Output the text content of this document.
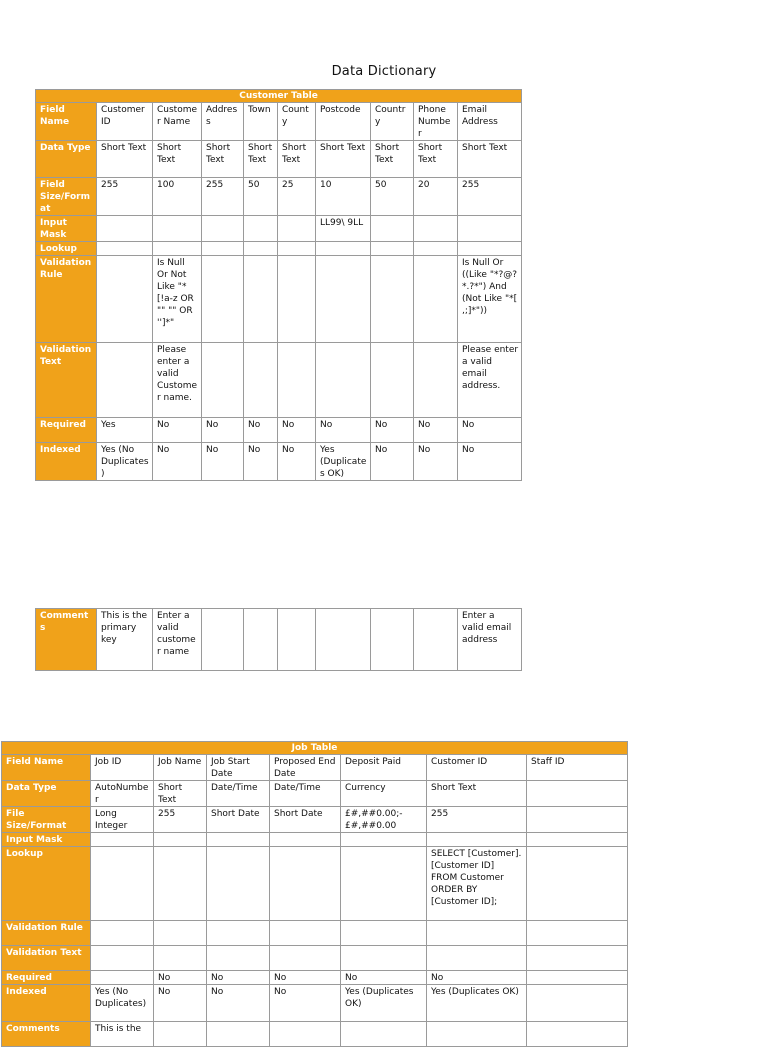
Data Dictionary
Customer Table									
Field Name	Customer ID	Customer Name	Address	Town	County	Postcode	Country	Phone Number	Email Address
Data Type	Short Text	Short Text	Short Text	Short Text	Short Text	Short Text	Short Text	Short Text	Short Text
Field Size/Format	255	100	255	50	25	10	50	20	255
Input Mask						LL99\ 9LL			
Lookup									
Validation Rule		Is Null Or Not Like "*[!a-z OR "" "" OR '']*"							Is Null Or ((Like "*?@?*.?*") And (Not Like "*[ ,;]*"))
Validation Text		Please enter a valid Customer name.							Please enter a valid email address.
Required	Yes	No	No	No	No	No	No	No	No
Indexed	Yes (No Duplicates)	No	No	No	No	Yes (Duplicates OK)	No	No	No
Comments	This is the primary key	Enter a valid customer name							Enter a valid email address
Job Table							
Field Name	Job ID	Job Name	Job Start Date	Proposed End Date	Deposit Paid	Customer ID	Staff ID
Data Type	AutoNumber	Short Text	Date/Time	Date/Time	Currency	Short Text	
File Size/Format	Long Integer	255	Short Date	Short Date	£#,##0.00;-£#,##0.00	255	
Input Mask							
Lookup						SELECT [Customer].[Customer ID] FROM Customer ORDER BY [Customer ID];	
Validation Rule							
Validation Text							
Required		No	No	No	No	No	
Indexed	Yes (No Duplicates)	No	No	No	Yes (Duplicates OK)	Yes (Duplicates OK)	
Comments	This is the						
